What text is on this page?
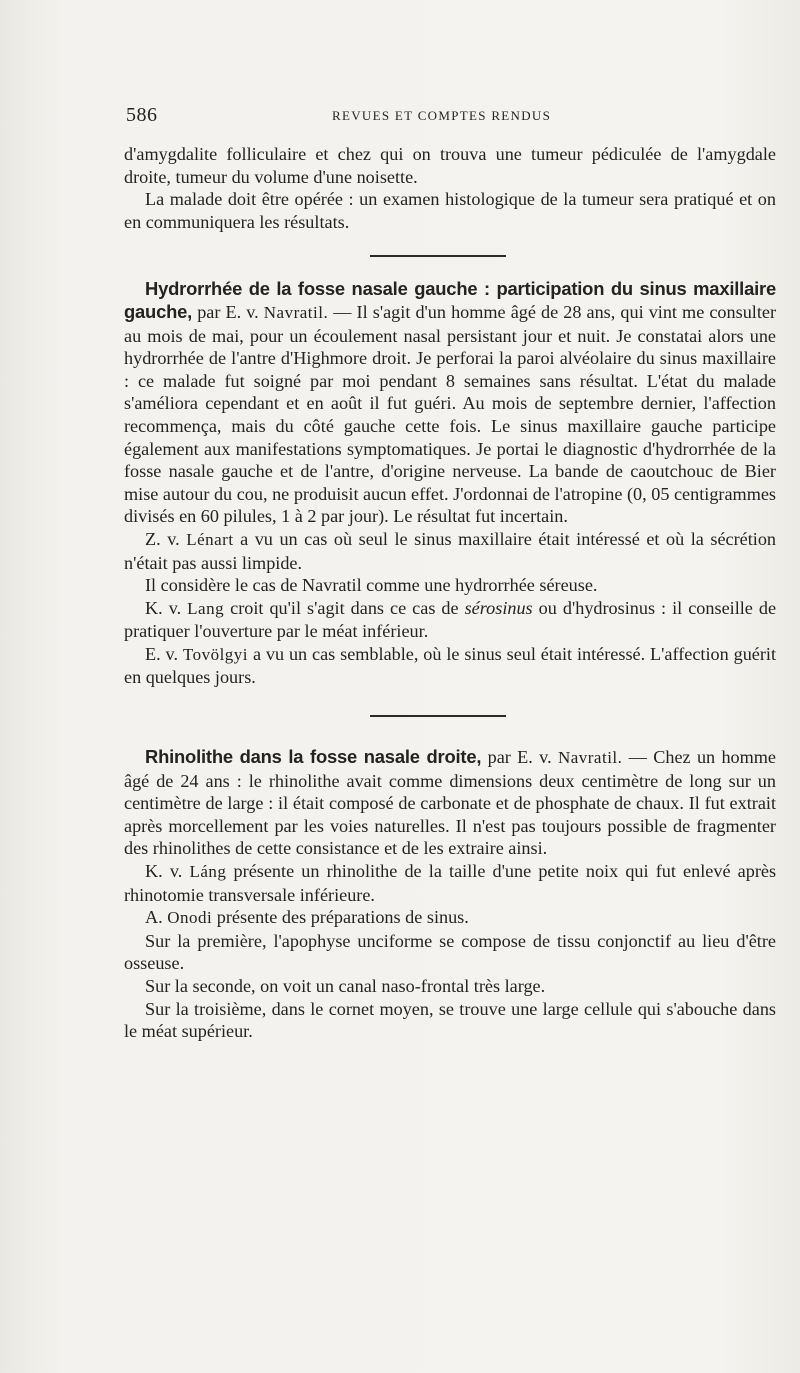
586	REVUES ET COMPTES RENDUS

d'amygdalite folliculaire et chez qui on trouva une tumeur pédiculée de l'amygdale droite, tumeur du volume d'une noisette.

La malade doit être opérée : un examen histologique de la tumeur sera pratiqué et on en communiquera les résultats.

Hydrorrhée de la fosse nasale gauche : participation du sinus maxillaire gauche, par E. v. Navratil. — Il s'agit d'un homme âgé de 28 ans, qui vint me consulter au mois de mai, pour un écoulement nasal persistant jour et nuit. Je constatai alors une hydrorrhée de l'antre d'Highmore droit. Je perforai la paroi alvéolaire du sinus maxillaire : ce malade fut soigné par moi pendant 8 semaines sans résultat. L'état du malade s'améliora cependant et en août il fut guéri. Au mois de septembre dernier, l'affection recommença, mais du côté gauche cette fois. Le sinus maxillaire gauche participe également aux manifestations symptomatiques. Je portai le diagnostic d'hydrorrhée de la fosse nasale gauche et de l'antre, d'origine nerveuse. La bande de caoutchouc de Bier mise autour du cou, ne produisit aucun effet. J'ordonnai de l'atropine (0, 05 centigrammes divisés en 60 pilules, 1 à 2 par jour). Le résultat fut incertain.

Z. v. Lénart a vu un cas où seul le sinus maxillaire était intéressé et où la sécrétion n'était pas aussi limpide.

Il considère le cas de Navratil comme une hydrorrhée séreuse.

K. v. Lang croit qu'il s'agit dans ce cas de sérosinus ou d'hydrosinus : il conseille de pratiquer l'ouverture par le méat inférieur.

E. v. Tovölgyi a vu un cas semblable, où le sinus seul était intéressé. L'affection guérit en quelques jours.

Rhinolithe dans la fosse nasale droite, par E. v. Navratil. — Chez un homme âgé de 24 ans : le rhinolithe avait comme dimensions deux centimètre de long sur un centimètre de large : il était composé de carbonate et de phosphate de chaux. Il fut extrait après morcellement par les voies naturelles. Il n'est pas toujours possible de fragmenter des rhinolithes de cette consistance et de les extraire ainsi.

K. v. Láng présente un rhinolithe de la taille d'une petite noix qui fut enlevé après rhinotomie transversale inférieure.

A. Onodi présente des préparations de sinus.

Sur la première, l'apophyse unciforme se compose de tissu conjonctif au lieu d'être osseuse.

Sur la seconde, on voit un canal naso-frontal très large.

Sur la troisième, dans le cornet moyen, se trouve une large cellule qui s'abouche dans le méat supérieur.
